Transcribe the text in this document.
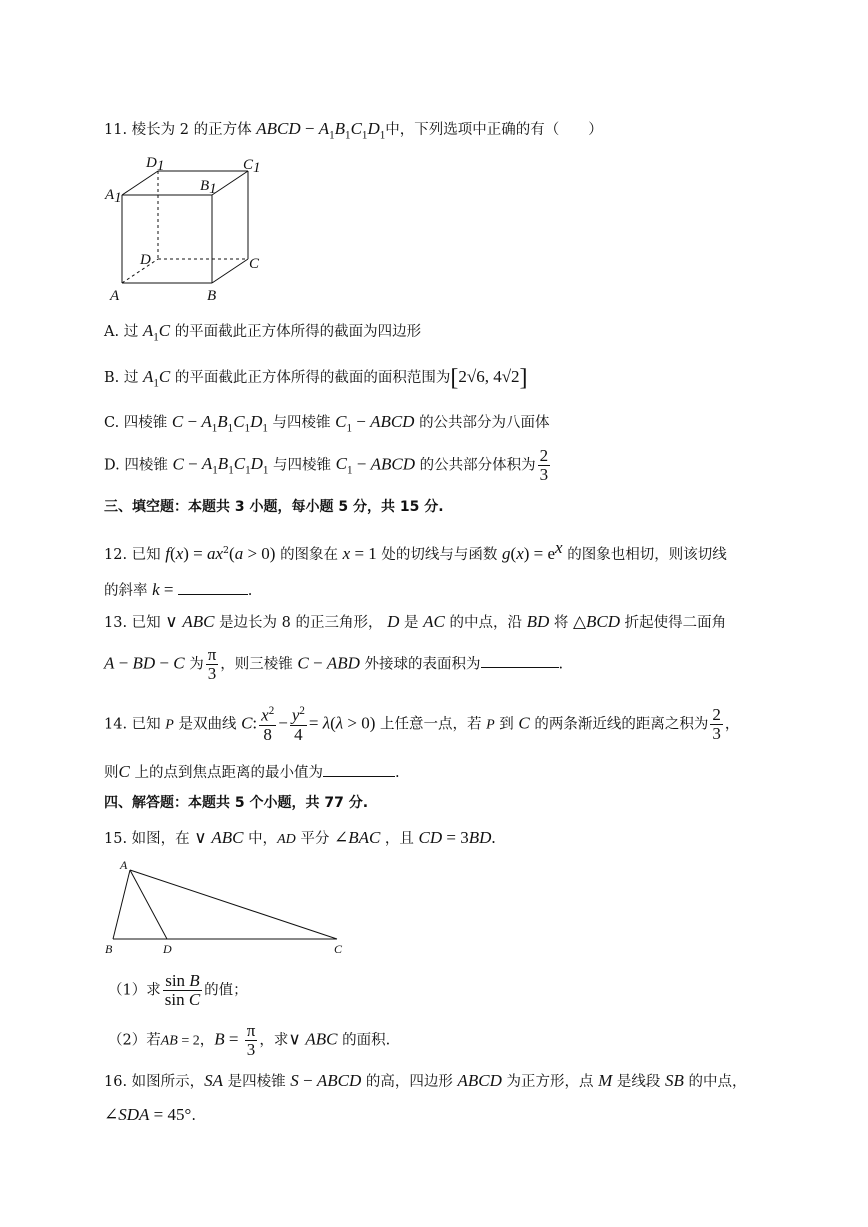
11. 棱长为 2 的正方体 ABCD − $A_1B_1C_1D_1$中，下列选项中正确的有（　　）
D1	C1
A1
B1
D	C
A	B
A. 过 $A_1C$ 的平面截此正方体所得的截面为四边形
B. 过 $A_1C$ 的平面截此正方体所得的截面的面积范围为[2√6, 4√2]
C. 四棱锥 $C - A_1B_1C_1D_1$ 与四棱锥 $C_1$ − ABCD 的公共部分为八面体
D. 四棱锥 $C - A_1B_1C_1D_1$ 与四棱锥 $C_1$ − ABCD 的公共部分体积为 $\frac{2}{3}$
三、填空题：本题共 3 小题，每小题 5 分，共 15 分.
12. 已知 $f(x) = ax^2(a > 0)$ 的图象在 x = 1 处的切线与与函数 $g(x) = e^x$ 的图象也相切，则该切线
的斜率 k =	.
13. 已知 ∨ ABC 是边长为 8 的正三角形， D 是 AC 的中点，沿 BD 将 △BCD 折起使得二面角
A − BD − C 为 $\frac{\pi}{3}$ ，则三棱锥 C − ABD 外接球的表面积为	.
14. 已知 P 是双曲线 C: $\frac{x^2}{8} - \frac{y^2}{4} = \lambda(\lambda > 0)$ 上任意一点，若 P 到 C 的两条渐近线的距离之积为 $\frac{2}{3}$ ，
则C 上的点到焦点距离的最小值为	.
四、解答题：本题共 5 个小题，共 77 分.
15. 如图，在 ∨ ABC 中，AD 平分 ∠BAC ，且 CD = 3BD.
A
B	D	C
（1）求 $\frac{\text{sin B}}{\text{sin C}}$ 的值；
（2）若AB = 2，$B = \frac{\pi}{3}$ ，求∨ ABC 的面积.
16. 如图所示，SA 是四棱锥 S − ABCD 的高，四边形 ABCD 为正方形，点 M 是线段 SB 的中点，
∠SDA = 45°.
